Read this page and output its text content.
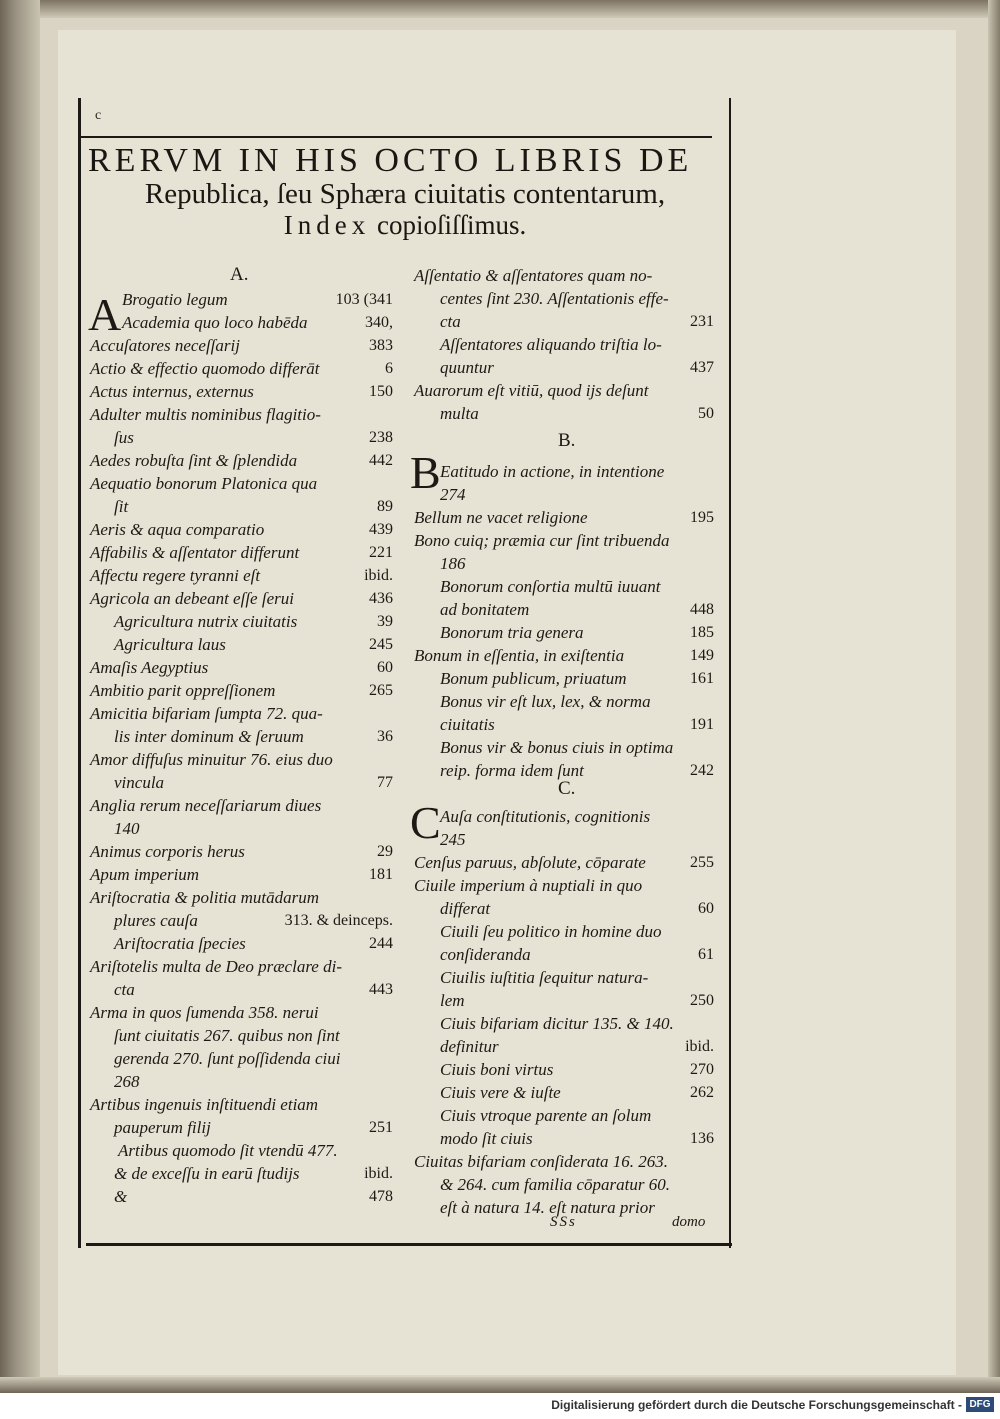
c
RERVM IN HIS OCTO LIBRIS DE
Republica, ſeu Sphæra ciuitatis contentarum,
Index copioſiſſimus.
A.
A Brogatio legum	103 (341
Academia quo loco habēda	340,
Accuſatores neceſſarij	383
Actio & effectio quomodo differāt	6
Actus internus, externus	150
Adulter multis nominibus flagitio-
ſus	238
Aedes robuſta ſint & ſplendida	442
Aequatio bonorum Platonica qua
ſit	89
Aeris & aqua comparatio	439
Affabilis & aſſentator differunt	221
Affectu regere tyranni eſt	ibid.
Agricola an debeant eſſe ſerui	436
Agricultura nutrix ciuitatis	39
Agricultura laus	245
Amaſis Aegyptius	60
Ambitio parit oppreſſionem	265
Amicitia bifariam ſumpta 72. qua-
lis inter dominum & ſeruum	36
Amor diffuſus minuitur 76. eius duo
vincula	77
Anglia rerum neceſſariarum diues
140
Animus corporis herus	29
Apum imperium	181
Ariſtocratia & politia mutādarum
plures cauſa	313. & deinceps.
Ariſtocratia ſpecies	244
Ariſtotelis multa de Deo præclare di-
cta	443
Arma in quos ſumenda 358. nerui
ſunt ciuitatis 267. quibus non ſint
gerenda 270. ſunt poſſidenda ciui
268
Artibus ingenuis inſtituendi etiam
pauperum filij	251
Artibus quomodo ſit vtendū 477.
& de exceſſu in earū ſtudijs	ibid.
&	478
B.
B
C.
C
Aſſentatio & aſſentatores quam no-
centes ſint 230. Aſſentationis effe-
cta	231
Aſſentatores aliquando triſtia lo-
quuntur	437
Auarorum eſt vitiū, quod ijs deſunt
multa	50
Eatitudo in actione, in intentione
274
Bellum ne vacet religione	195
Bono cuiq; præmia cur ſint tribuenda
186
Bonorum conſortia multū iuuant
ad bonitatem	448
Bonorum tria genera	185
Bonum in eſſentia, in exiſtentia	149
Bonum publicum, priuatum	161
Bonus vir eſt lux, lex, & norma
ciuitatis	191
Bonus vir & bonus ciuis in optima
reip. forma idem ſunt	242
Auſa conſtitutionis, cognitionis
245
Cenſus paruus, abſolute, cōparate	255
Ciuile imperium à nuptiali in quo
differat	60
Ciuili ſeu politico in homine duo
conſideranda	61
Ciuilis iuſtitia ſequitur natura-
lem	250
Ciuis bifariam dicitur 135. & 140.
definitur	ibid.
Ciuis boni virtus	270
Ciuis vere & iuſte	262
Ciuis vtroque parente an ſolum
modo ſit ciuis	136
Ciuitas bifariam conſiderata 16. 263.
& 264. cum familia cōparatur 60.
eſt à natura 14. eſt natura prior
SSs	domo
Digitalisierung gefördert durch die Deutsche Forschungsgemeinschaft - DFG
